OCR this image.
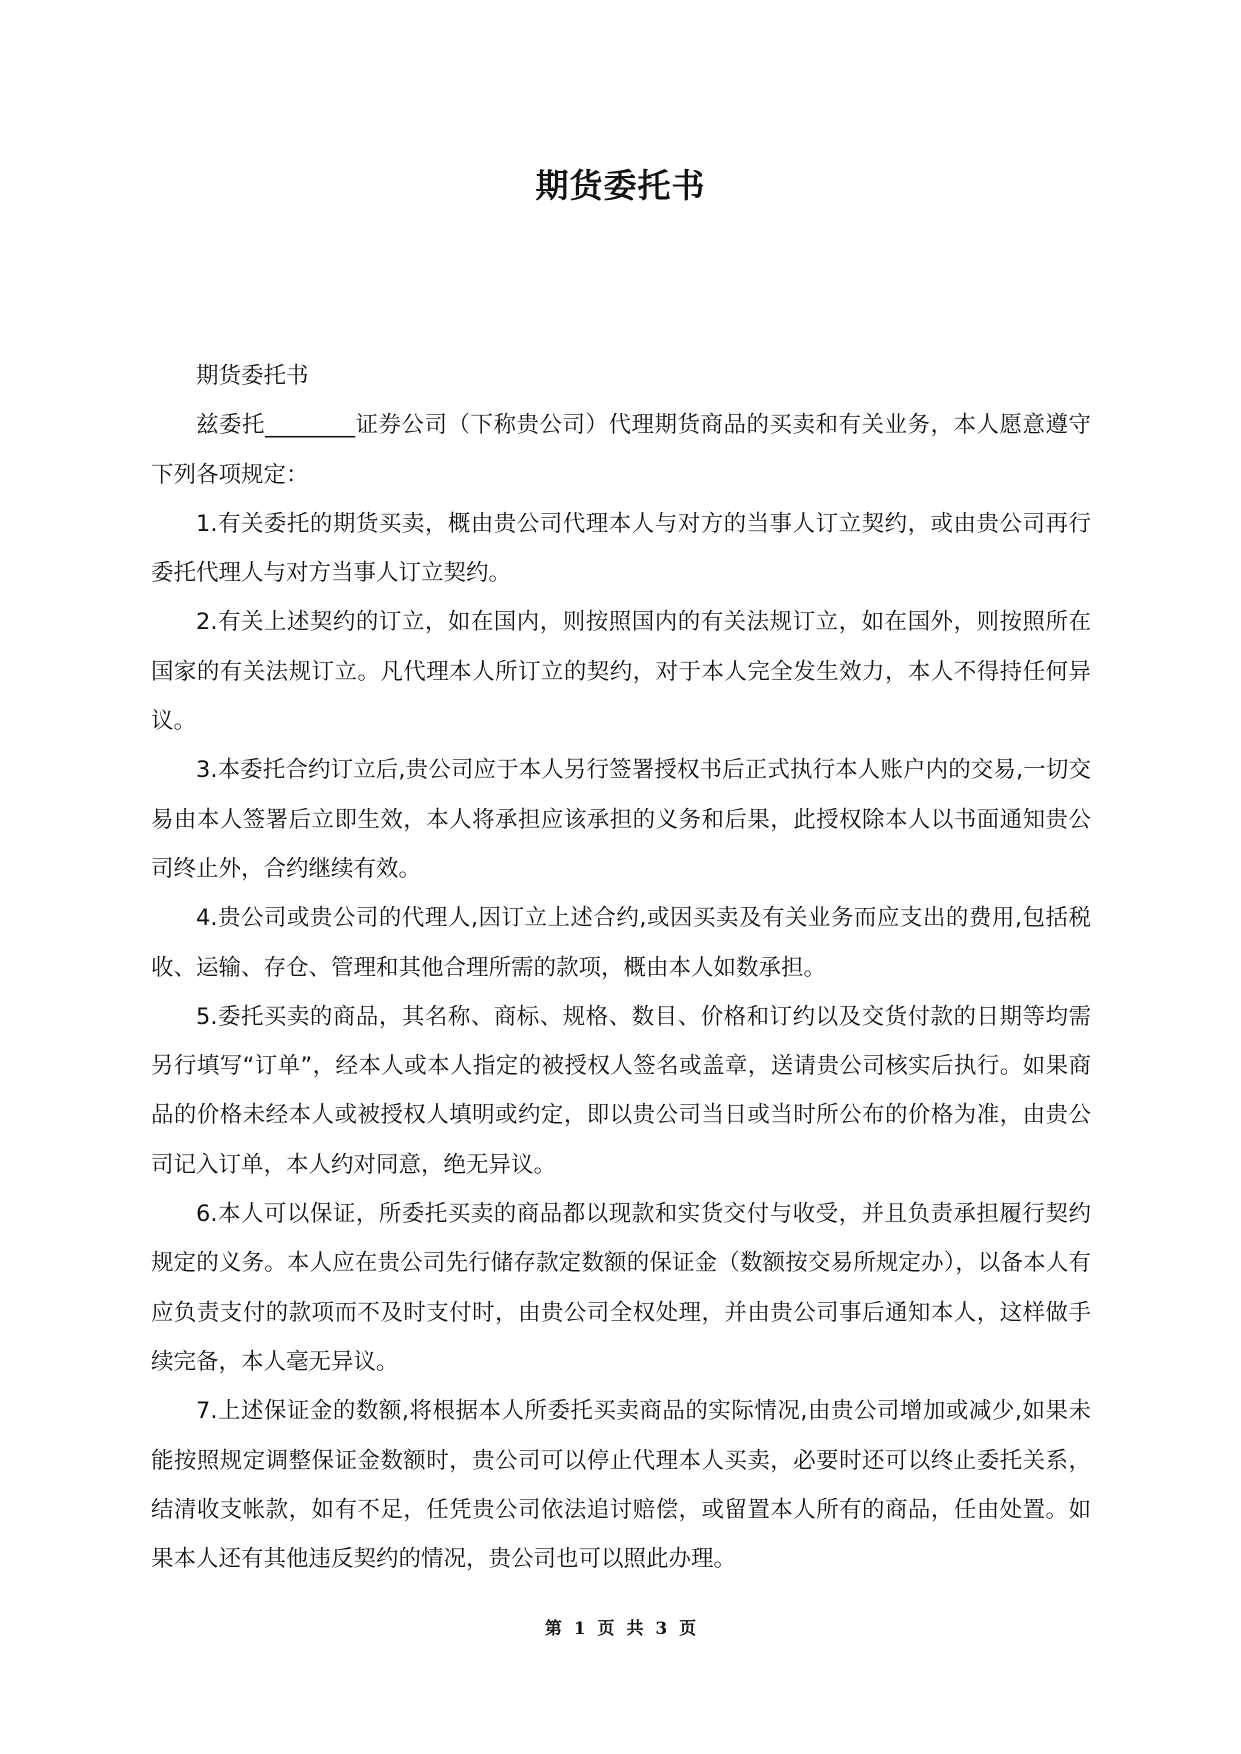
期货委托书

期货委托书

兹委托________证券公司（下称贵公司）代理期货商品的买卖和有关业务，本人愿意遵守下列各项规定：

1.有关委托的期货买卖，概由贵公司代理本人与对方的当事人订立契约，或由贵公司再行委托代理人与对方当事人订立契约。

2.有关上述契约的订立，如在国内，则按照国内的有关法规订立，如在国外，则按照所在国家的有关法规订立。凡代理本人所订立的契约，对于本人完全发生效力，本人不得持任何异议。

3.本委托合约订立后,贵公司应于本人另行签署授权书后正式执行本人账户内的交易,一切交易由本人签署后立即生效，本人将承担应该承担的义务和后果，此授权除本人以书面通知贵公司终止外，合约继续有效。

4.贵公司或贵公司的代理人,因订立上述合约,或因买卖及有关业务而应支出的费用,包括税收、运输、存仓、管理和其他合理所需的款项，概由本人如数承担。

5.委托买卖的商品，其名称、商标、规格、数目、价格和订约以及交货付款的日期等均需另行填写“订单”，经本人或本人指定的被授权人签名或盖章，送请贵公司核实后执行。如果商品的价格未经本人或被授权人填明或约定，即以贵公司当日或当时所公布的价格为准，由贵公司记入订单，本人约对同意，绝无异议。

6.本人可以保证，所委托买卖的商品都以现款和实货交付与收受，并且负责承担履行契约规定的义务。本人应在贵公司先行储存款定数额的保证金（数额按交易所规定办），以备本人有应负责支付的款项而不及时支付时，由贵公司全权处理，并由贵公司事后通知本人，这样做手续完备，本人毫无异议。

7.上述保证金的数额,将根据本人所委托买卖商品的实际情况,由贵公司增加或减少,如果未能按照规定调整保证金数额时，贵公司可以停止代理本人买卖，必要时还可以终止委托关系，结清收支帐款，如有不足，任凭贵公司依法追讨赔偿，或留置本人所有的商品，任由处置。如果本人还有其他违反契约的情况，贵公司也可以照此办理。

第 1 页 共 3 页
